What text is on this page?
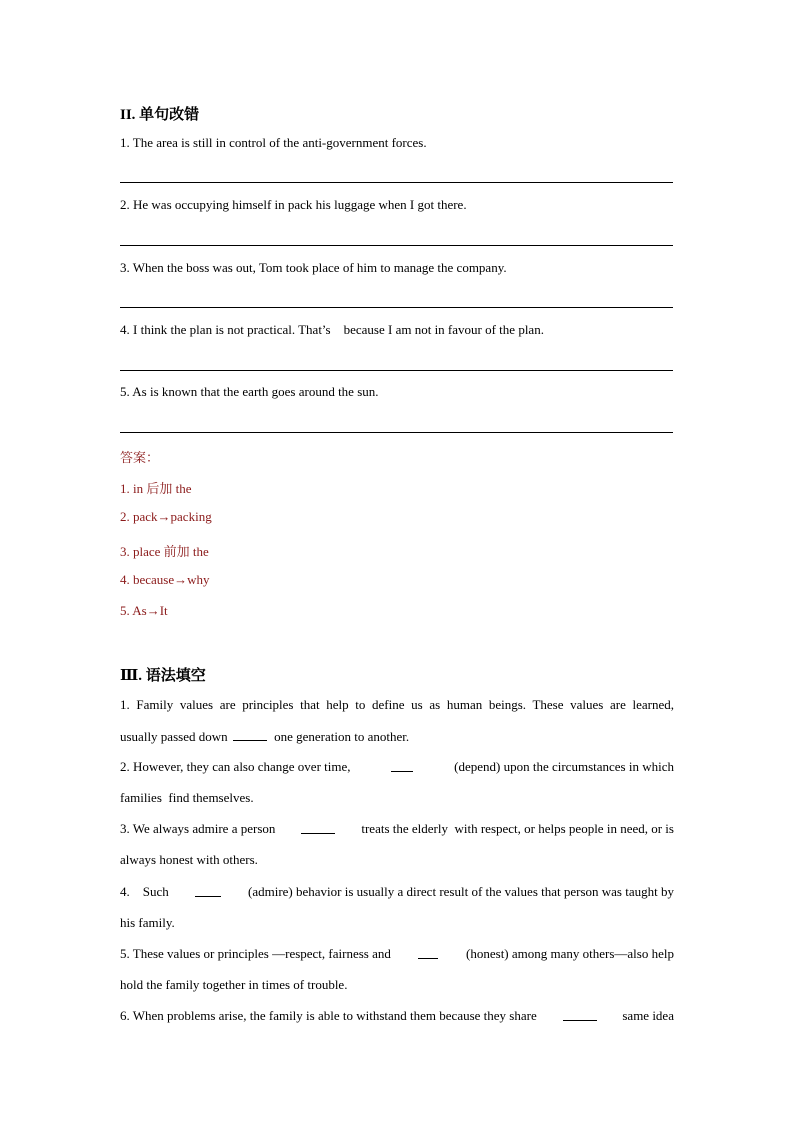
II. 单句改错
1. The area is still in control of the anti-government forces.
2. He was occupying himself in pack his luggage when I got there.
3. When the boss was out, Tom took place of him to manage the company.
4. I think the plan is not practical. That’s    because I am not in favour of the plan.
5. As is known that the earth goes around the sun.
答案：
1. in 后加 the
2. pack→packing
3. place 前加 the
4. because→why
5. As→It
Ⅲ. 语法填空
1. Family values are principles that help to define us as human beings. These values are learned,
usually passed down	one generation to another.
2. However, they can also change over time,	(depend) upon the circumstances in which
families  find themselves.
3. We always admire a person	treats the elderly  with respect, or helps people in need, or is
always honest with others.
4.    Such	(admire) behavior is usually a direct result of the values that person was taught by
his family.
5. These values or principles —respect, fairness and	(honest) among many others—also help
hold the family together in times of trouble.
6. When problems arise, the family is able to withstand them because they share	same idea
